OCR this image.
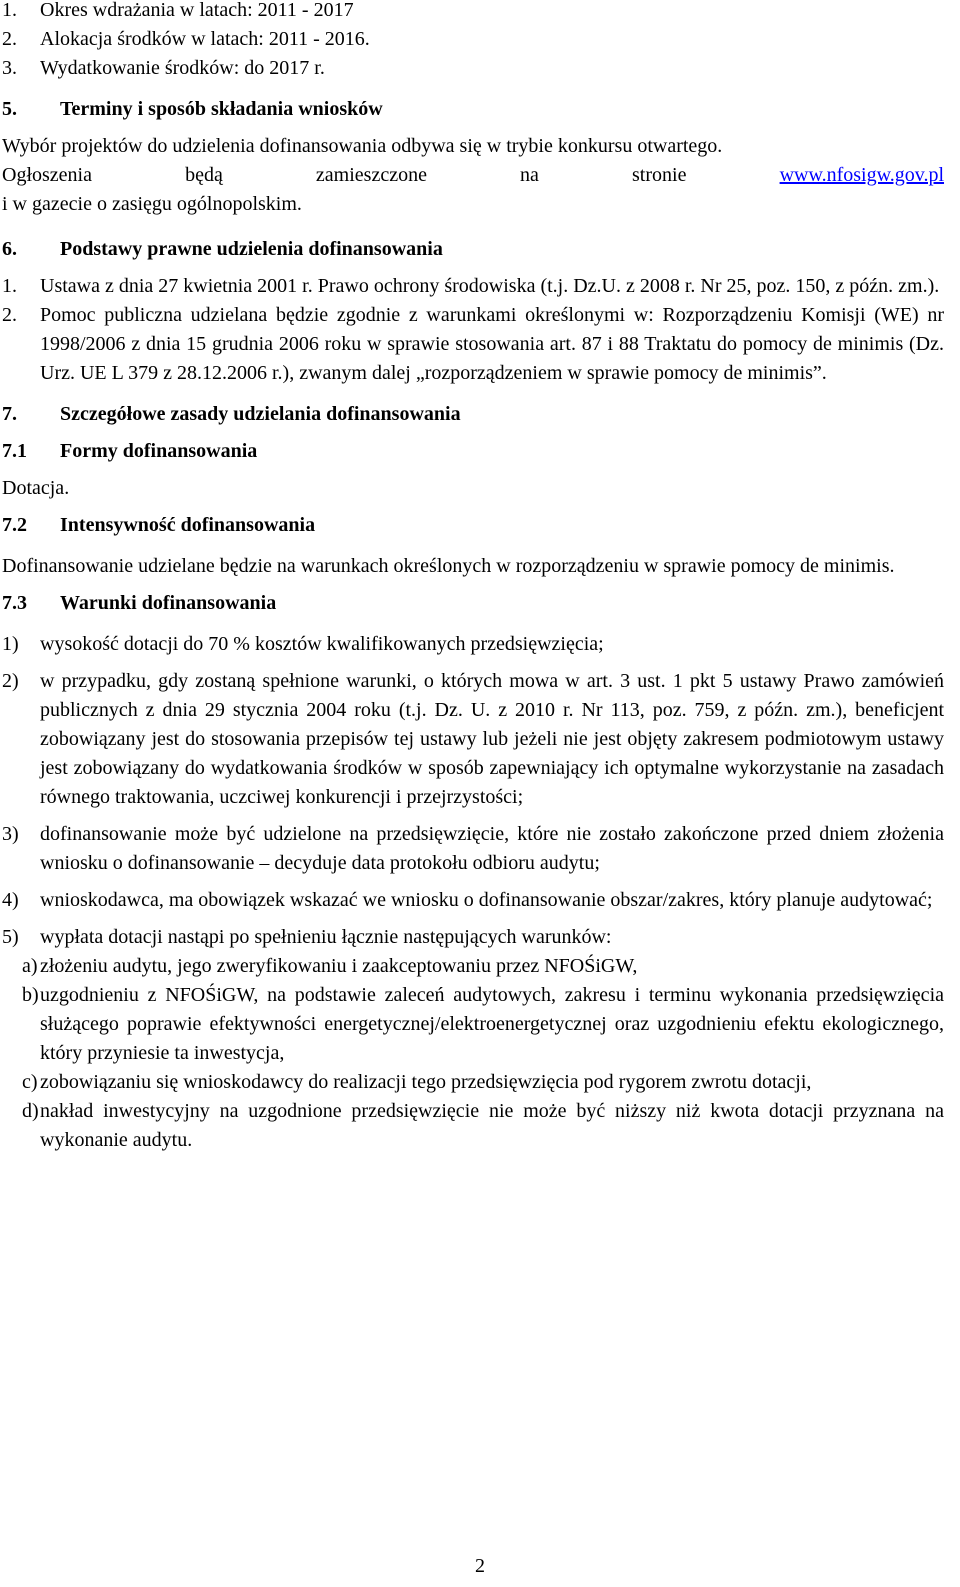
1.	Okres wdrażania w latach: 2011 - 2017
2.	Alokacja środków w latach: 2011 - 2016.
3.	Wydatkowanie środków: do 2017 r.
5.	Terminy i sposób składania wniosków

Wybór projektów do udzielenia dofinansowania odbywa się w trybie konkursu otwartego.

Ogłoszenia będą zamieszczone na stronie	www.nfosigw.gov.pl

i w gazecie o zasięgu ogólnopolskim.

6.	Podstawy prawne udzielenia dofinansowania
1.	Ustawa z dnia 27 kwietnia 2001 r. Prawo ochrony środowiska (t.j. Dz.U. z 2008 r. Nr 25, poz. 150, z późn. zm.).
2.	Pomoc publiczna udzielana będzie zgodnie z warunkami określonymi w: Rozporządzeniu Komisji (WE) nr 1998/2006 z dnia 15 grudnia 2006 roku w sprawie stosowania art. 87 i 88 Traktatu do pomocy de minimis (Dz. Urz. UE L 379 z 28.12.2006 r.), zwanym dalej „rozporządzeniem w sprawie pomocy de minimis”.
7.	Szczegółowe zasady udzielania dofinansowania
7.1	Formy dofinansowania

Dotacja.

7.2	Intensywność dofinansowania

Dofinansowanie udzielane będzie na warunkach określonych w rozporządzeniu w sprawie pomocy de minimis.

7.3	Warunki dofinansowania
1)	wysokość dotacji do 70 % kosztów kwalifikowanych przedsięwzięcia;
2)	w przypadku, gdy zostaną spełnione warunki, o których mowa w art. 3 ust. 1 pkt 5 ustawy Prawo zamówień publicznych z dnia 29 stycznia 2004 roku (t.j. Dz. U. z 2010 r. Nr 113, poz. 759, z późn. zm.), beneficjent zobowiązany jest do stosowania przepisów tej ustawy lub jeżeli nie jest objęty zakresem podmiotowym ustawy jest zobowiązany do wydatkowania środków w sposób zapewniający ich optymalne wykorzystanie na zasadach równego traktowania, uczciwej konkurencji i przejrzystości;
3)	dofinansowanie może być udzielone na przedsięwzięcie, które nie zostało zakończone przed dniem złożenia wniosku o dofinansowanie – decyduje data protokołu odbioru audytu;
4)	wnioskodawca, ma obowiązek wskazać we wniosku o dofinansowanie obszar/zakres, który planuje audytować;
5)	wypłata dotacji nastąpi po spełnieniu łącznie następujących warunków:
a) złożeniu audytu, jego zweryfikowaniu i zaakceptowaniu przez NFOŚiGW,
b) uzgodnieniu z NFOŚiGW, na podstawie zaleceń audytowych, zakresu i terminu wykonania przedsięwzięcia służącego poprawie efektywności energetycznej/elektroenergetycznej oraz uzgodnieniu efektu ekologicznego, który przyniesie ta inwestycja,
c) zobowiązaniu się wnioskodawcy do realizacji tego przedsięwzięcia pod rygorem zwrotu dotacji,
d) nakład inwestycyjny na uzgodnione przedsięwzięcie nie może być niższy niż kwota dotacji przyznana na wykonanie audytu.
2
